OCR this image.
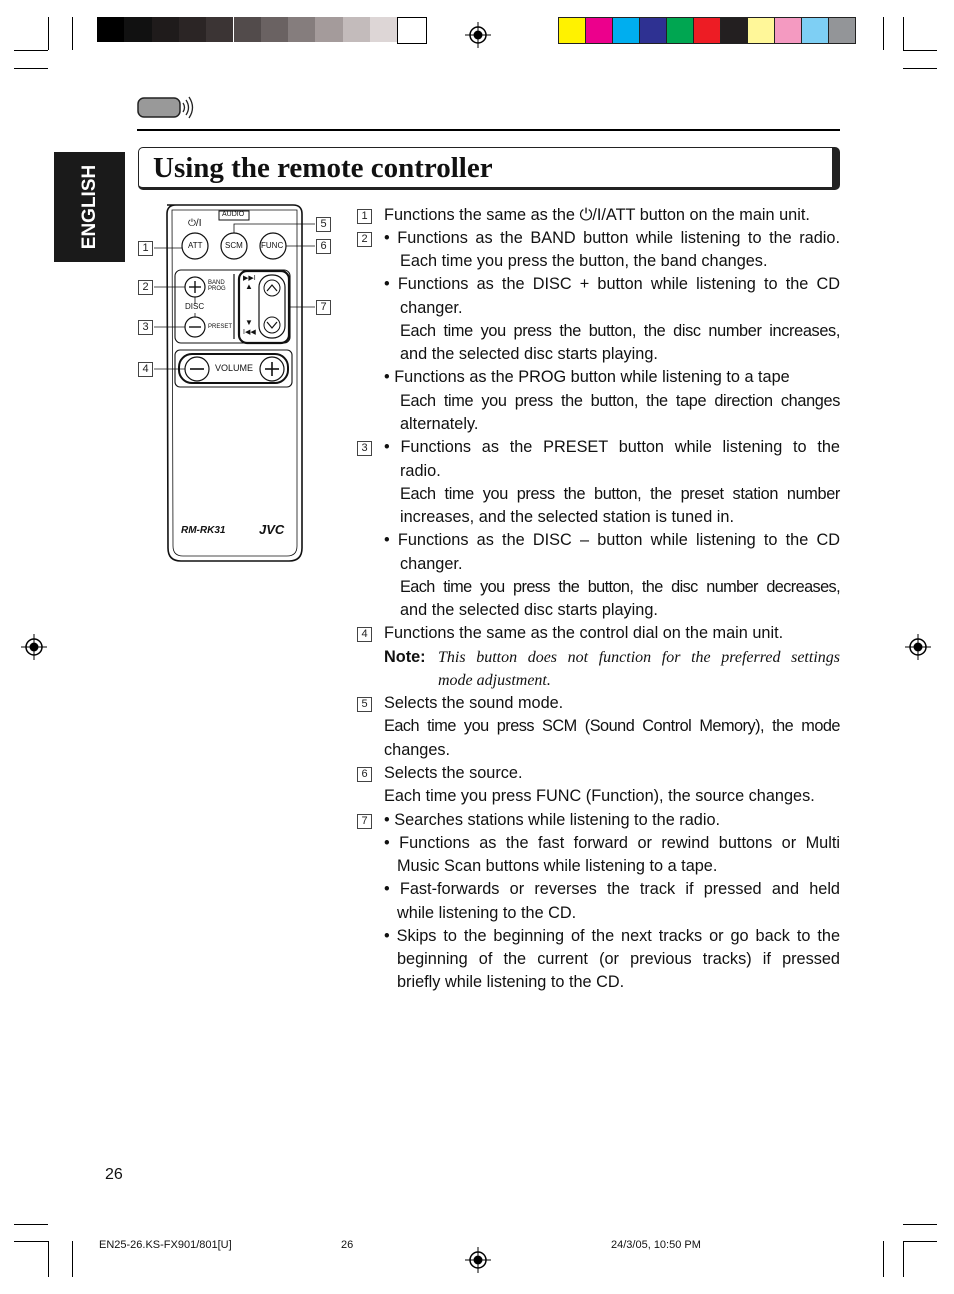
ENGLISH	Using the remote controller
AUDIO
⏻/I
ATT	SCM FUNC
BAND
PROG
DISC
PRESET
▶▶I
▲
▼
I◀◀
VOLUME
RM-RK31	JVC
1
2
3
4
5
6
7
1 Functions the same as the ⏻/I/ATT button on the main unit.
2 • Functions as the BAND button while listening to the radio.
Each time you press the button, the band changes.
• Functions as the DISC + button while listening to the CD
changer.
Each time you press the button, the disc number increases,
and the selected disc starts playing.
• Functions as the PROG button while listening to a tape
Each time you press the button, the tape direction changes
alternately.
3 • Functions as the PRESET button while listening to the
radio.
Each time you press the button, the preset station number
increases, and the selected station is tuned in.
• Functions as the DISC – button while listening to the CD
changer.
Each time you press the button, the disc number decreases,
and the selected disc starts playing.
4 Functions the same as the control dial on the main unit.
Note: This button does not function for the preferred settings
mode adjustment.
5 Selects the sound mode.
Each time you press SCM (Sound Control Memory), the mode
changes.
6 Selects the source.
Each time you press FUNC (Function), the source changes.
7 • Searches stations while listening to the radio.
• Functions as the fast forward or rewind buttons or Multi
Music Scan buttons while listening to a tape.
• Fast-forwards or reverses the track if pressed and held
while listening to the CD.
• Skips to the beginning of the next tracks or go back to the
beginning of the current (or previous tracks) if pressed
briefly while listening to the CD.
26
EN25-26.KS-FX901/801[U]	26	24/3/05, 10:50 PM
